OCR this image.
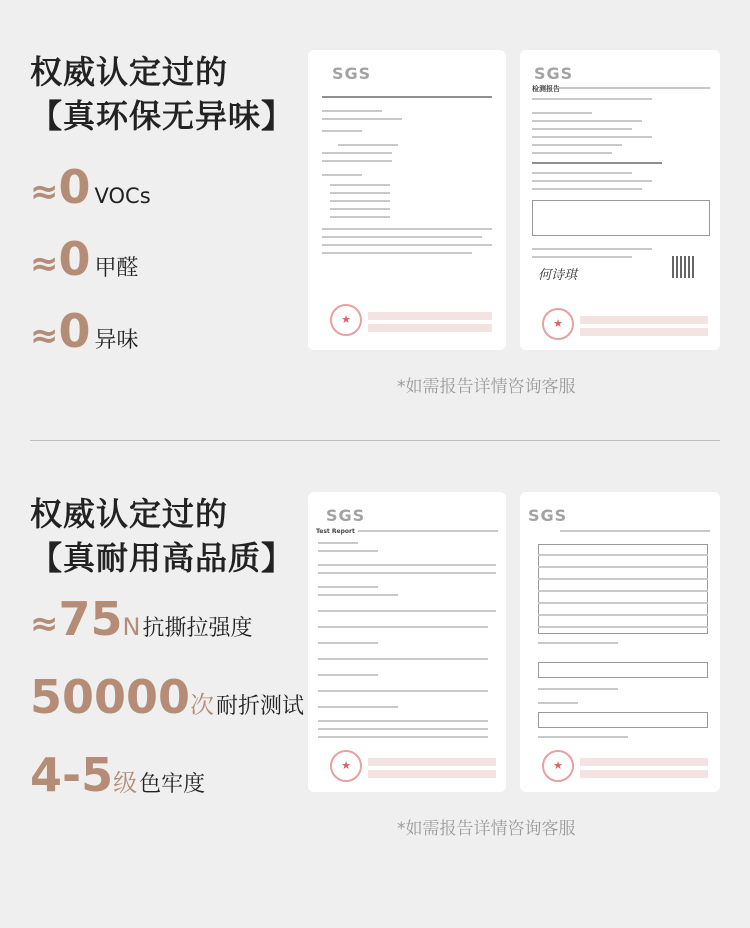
权威认定过的
【真环保无异味】
≈ 0 VOCs
≈ 0 甲醛
≈ 0 异味
SGS
★	SGS
检测报告
何诗琪
★
*如需报告详情咨询客服
权威认定过的
【真耐用高品质】
≈ 75 N 抗撕拉强度
50000 次 耐折测试
4-5 级 色牢度
SGS
Test Report
★
SGS
★
*如需报告详情咨询客服
